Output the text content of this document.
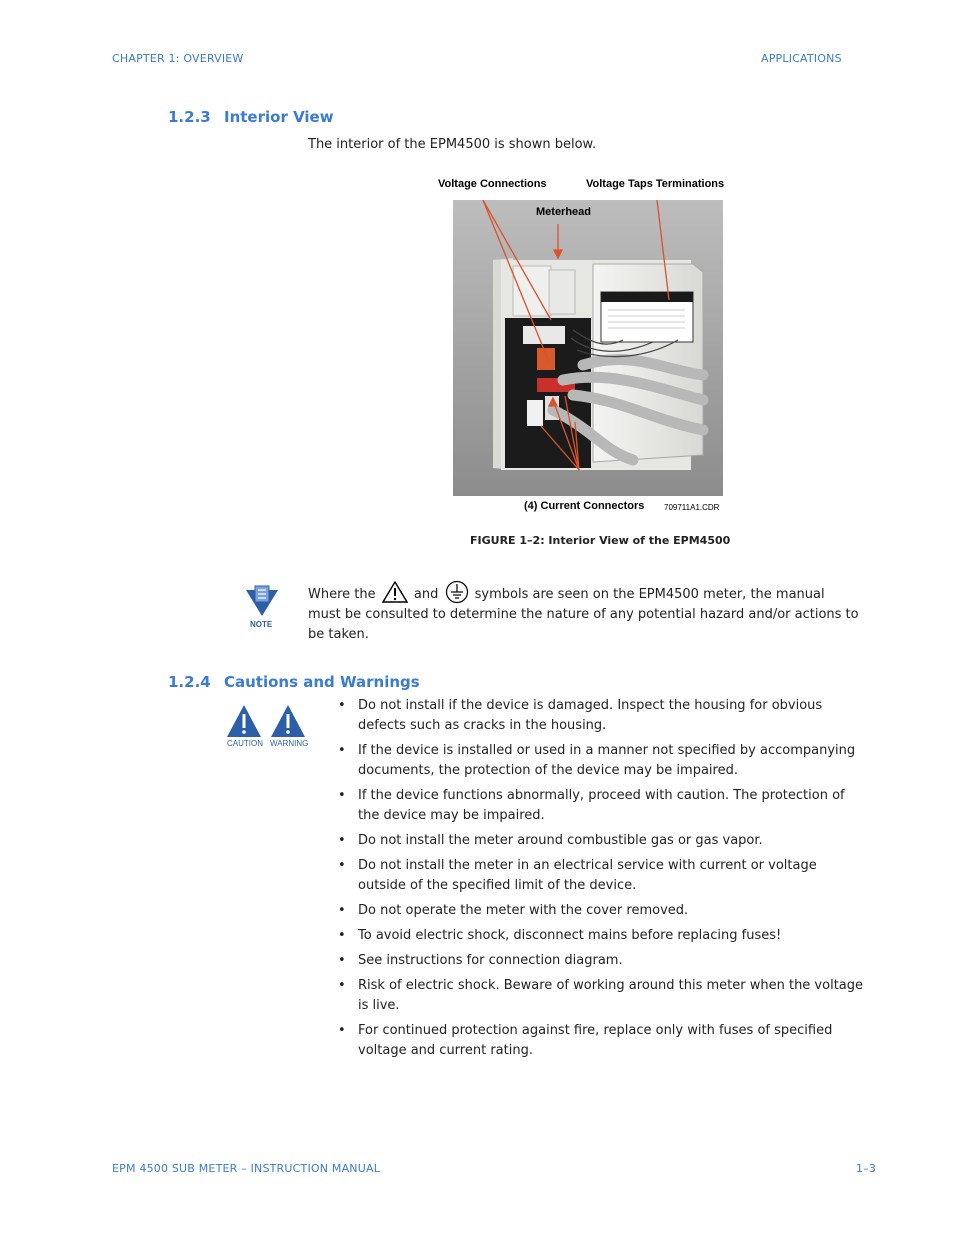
CHAPTER 1: OVERVIEW	APPLICATIONS
1.2.3 Interior View
The interior of the EPM4500 is shown below.
Voltage Connections	Voltage Taps Terminations
Meterhead
(4) Current Connectors 709711A1.CDR
FIGURE 1–2: Interior View of the EPM4500
NOTE
Where the	and	symbols are seen on the EPM4500 meter, the manual must be consulted to determine the nature of any potential hazard and/or actions to be taken.
1.2.4 Cautions and Warnings
CAUTION WARNING
• Do not install if the device is damaged. Inspect the housing for obvious defects such as cracks in the housing.
• If the device is installed or used in a manner not specified by accompanying documents, the protection of the device may be impaired.
• If the device functions abnormally, proceed with caution. The protection of the device may be impaired.
• Do not install the meter around combustible gas or gas vapor.
• Do not install the meter in an electrical service with current or voltage outside of the specified limit of the device.
• Do not operate the meter with the cover removed.
• To avoid electric shock, disconnect mains before replacing fuses!
• See instructions for connection diagram.
• Risk of electric shock. Beware of working around this meter when the voltage is live.
• For continued protection against fire, replace only with fuses of specified voltage and current rating.
EPM 4500 SUB METER – INSTRUCTION MANUAL	1–3
